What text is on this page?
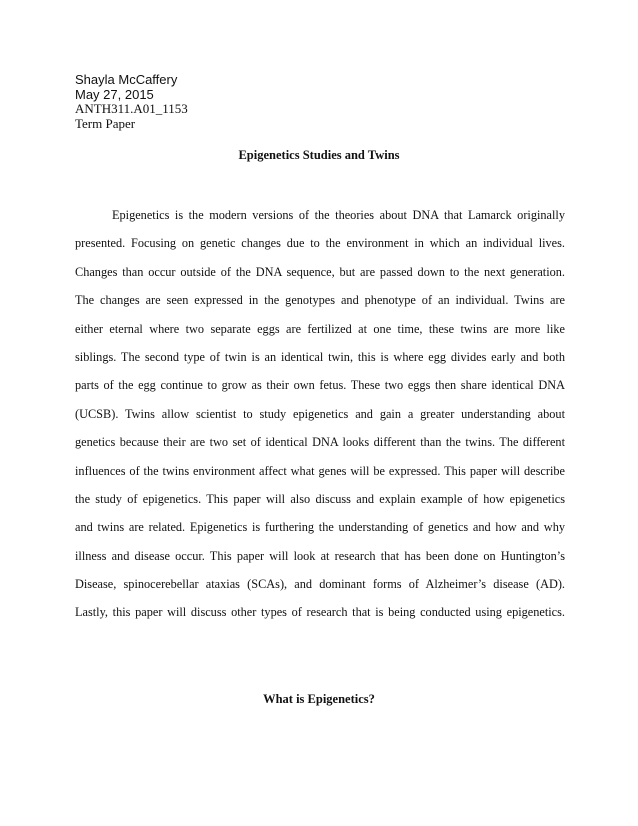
Shayla McCaffery
May 27, 2015
ANTH311.A01_1153
Term Paper
Epigenetics Studies and Twins
Epigenetics is the modern versions of the theories about DNA that Lamarck originally
presented. Focusing on genetic changes due to the environment in which an individual lives.
Changes than occur outside of the DNA sequence, but are passed down to the next generation.
The changes are seen expressed in the genotypes and phenotype of an individual. Twins are
either eternal where two separate eggs are fertilized at one time, these twins are more like
siblings. The second type of twin is an identical twin, this is where egg divides early and both
parts of the egg continue to grow as their own fetus. These two eggs then share identical DNA
(UCSB). Twins allow scientist to study epigenetics and gain a greater understanding about
genetics because their are two set of identical DNA looks different than the twins. The different
influences of the twins environment affect what genes will be expressed. This paper will describe
the study of epigenetics. This paper will also discuss and explain example of how epigenetics
and twins are related. Epigenetics is furthering the understanding of genetics and how and why
illness and disease occur. This paper will look at research that has been done on Huntington’s
Disease, spinocerebellar ataxias (SCAs), and dominant forms of Alzheimer’s disease (AD).
Lastly, this paper will discuss other types of research that is being conducted using epigenetics.
What is Epigenetics?
